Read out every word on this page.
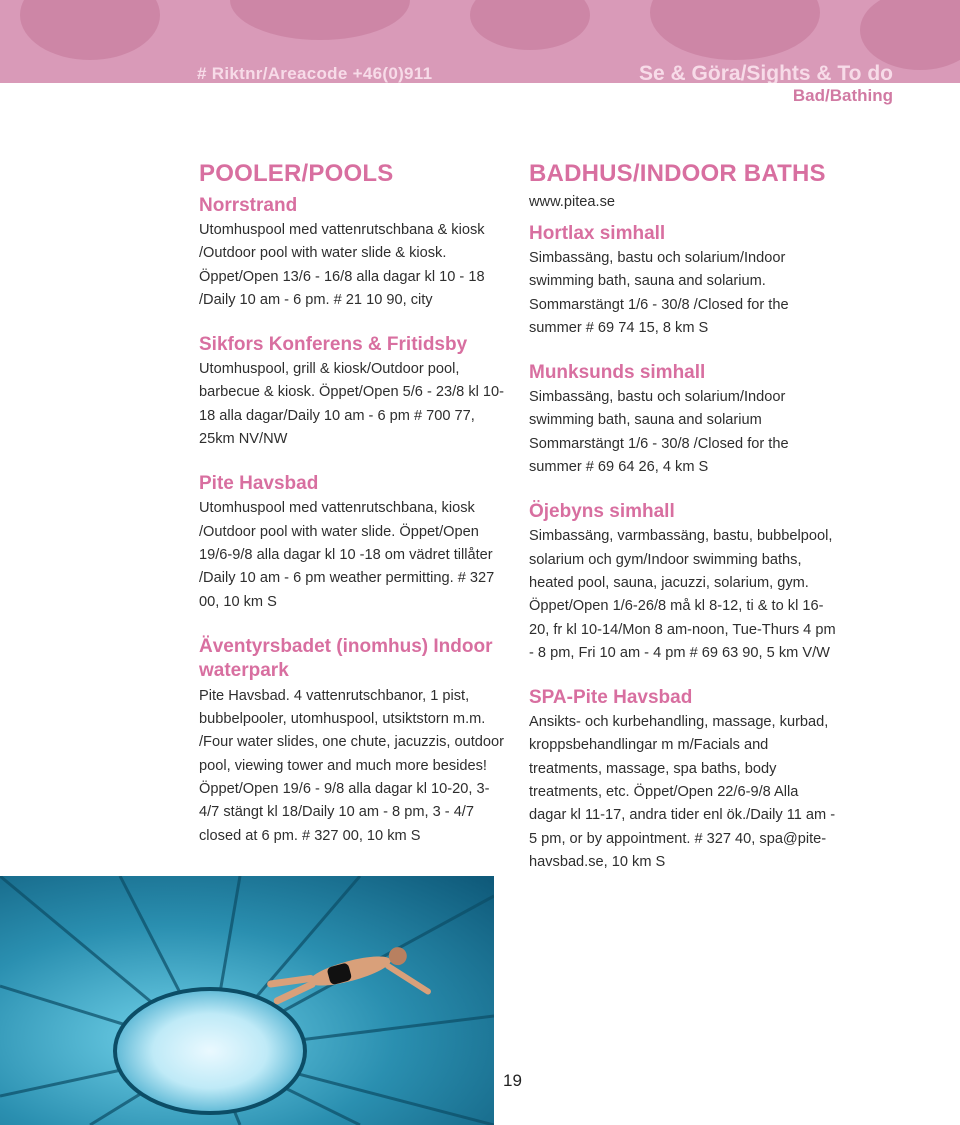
# Riktnr/Areacode +46(0)911	Se & Göra/Sights & To do
Bad/Bathing
POOLER/POOLS
Norrstrand

Utomhuspool med vattenrutschbana & kiosk /Outdoor pool with water slide & kiosk. Öppet/Open 13/6 - 16/8 alla dagar kl 10 - 18 /Daily 10 am - 6 pm. # 21 10 90, city

Sikfors Konferens & Fritidsby

Utomhuspool, grill & kiosk/Outdoor pool, barbecue & kiosk. Öppet/Open 5/6 - 23/8 kl 10-18 alla dagar/Daily 10 am - 6 pm # 700 77, 25km NV/NW

Pite Havsbad

Utomhuspool med vattenrutschbana, kiosk /Outdoor pool with water slide. Öppet/Open 19/6-9/8 alla dagar kl 10 -18 om vädret tillåter /Daily 10 am - 6 pm weather permitting. # 327 00, 10 km S

Äventyrsbadet (inomhus) Indoor waterpark

Pite Havsbad. 4 vattenrutschbanor, 1 pist, bubbelpooler, utomhuspool, utsiktstorn m.m. /Four water slides, one chute, jacuzzis, outdoor pool, viewing tower and much more besides! Öppet/Open 19/6 - 9/8 alla dagar kl 10-20, 3-4/7 stängt kl 18/Daily 10 am - 8 pm, 3 - 4/7 closed at 6 pm. # 327 00, 10 km S

BADHUS/INDOOR BATHS

www.pitea.se

Hortlax simhall

Simbassäng, bastu och solarium/Indoor swimming bath, sauna and solarium. Sommarstängt 1/6 - 30/8 /Closed for the summer # 69 74 15, 8 km S

Munksunds simhall

Simbassäng, bastu och solarium/Indoor swimming bath, sauna and solarium Sommarstängt 1/6 - 30/8 /Closed for the summer # 69 64 26, 4 km S

Öjebyns simhall

Simbassäng, varmbassäng, bastu, bubbelpool, solarium och gym/Indoor swimming baths, heated pool, sauna, jacuzzi, solarium, gym. Öppet/Open 1/6-26/8 må kl 8-12, ti & to kl 16-20, fr kl 10-14/Mon 8 am-noon, Tue-Thurs 4 pm - 8 pm, Fri 10 am - 4 pm # 69 63 90, 5 km V/W

SPA-Pite Havsbad

Ansikts- och kurbehandling, massage, kurbad, kroppsbehandlingar m m/Facials and treatments, massage, spa baths, body treatments, etc. Öppet/Open 22/6-9/8 Alla dagar kl 11-17, andra tider enl ök./Daily 11 am - 5 pm, or by appointment. # 327 40, spa@pite-havsbad.se, 10 km S

19
